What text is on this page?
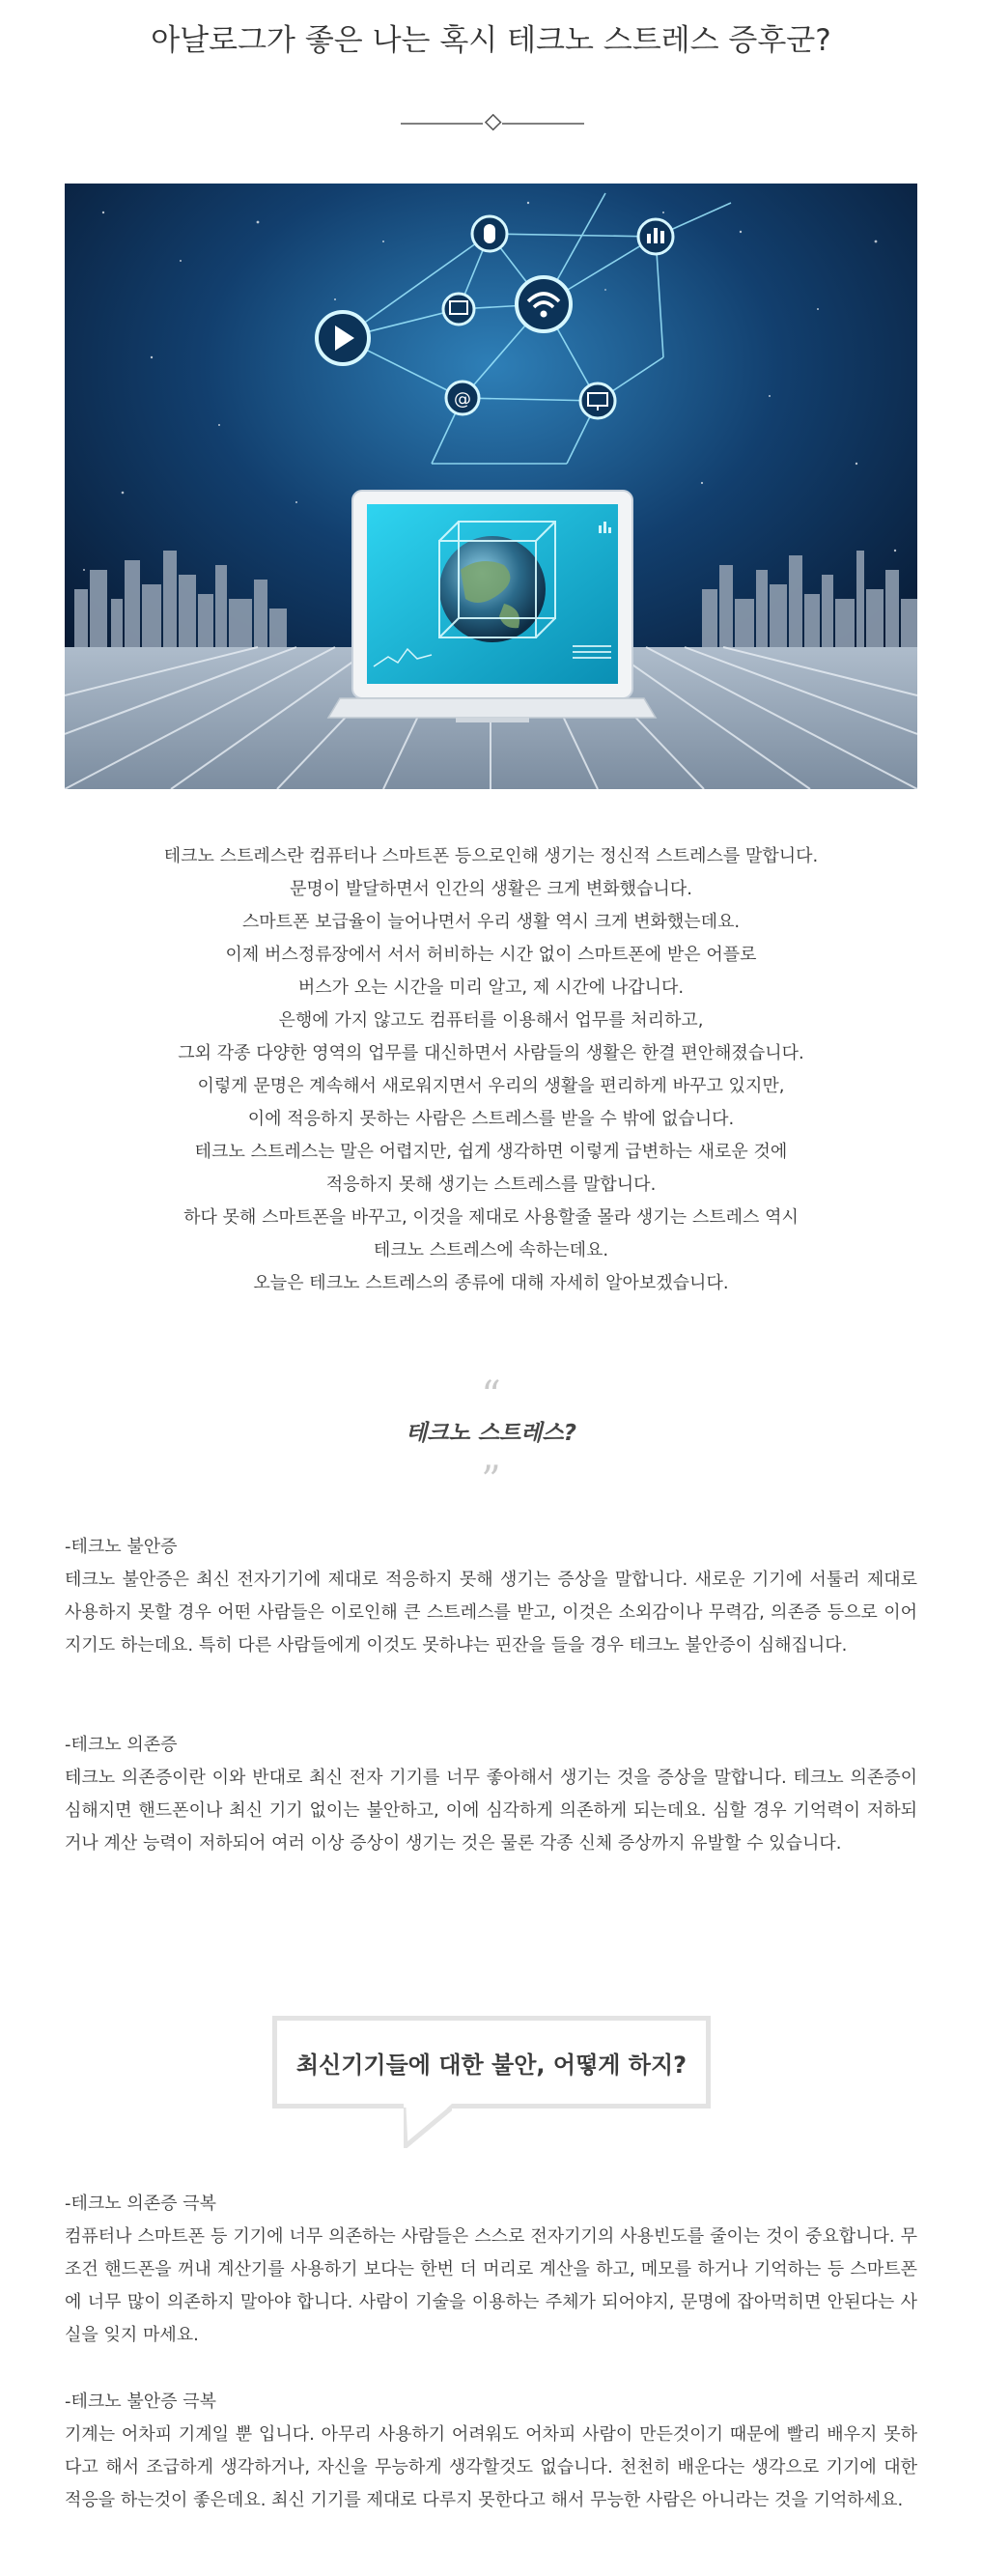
아날로그가 좋은 나는 혹시 테크노 스트레스 증후군?
@

테크노 스트레스란 컴퓨터나 스마트폰 등으로인해 생기는 정신적 스트레스를 말합니다.

문명이 발달하면서 인간의 생활은 크게 변화했습니다.

스마트폰 보급율이 늘어나면서 우리 생활 역시 크게 변화했는데요.

이제 버스정류장에서 서서 허비하는 시간 없이 스마트폰에 받은 어플로

버스가 오는 시간을 미리 알고, 제 시간에 나갑니다.

은행에 가지 않고도 컴퓨터를 이용해서 업무를 처리하고,

그외 각종 다양한 영역의 업무를 대신하면서 사람들의 생활은 한결 편안해졌습니다.

이렇게 문명은 계속해서 새로워지면서 우리의 생활을 편리하게 바꾸고 있지만,

이에 적응하지 못하는 사람은 스트레스를 받을 수 밖에 없습니다.

테크노 스트레스는 말은 어렵지만, 쉽게 생각하면 이렇게 급변하는 새로운 것에

적응하지 못해 생기는 스트레스를 말합니다.

하다 못해 스마트폰을 바꾸고, 이것을 제대로 사용할줄 몰라 생기는 스트레스 역시

테크노 스트레스에 속하는데요.

오늘은 테크노 스트레스의 종류에 대해 자세히 알아보겠습니다.

“
테크노 스트레스?
”
-테크노 불안증

테크노 불안증은 최신 전자기기에 제대로 적응하지 못해 생기는 증상을 말합니다. 새로운 기기에 서툴러 제대로 사용하지 못할 경우 어떤 사람들은 이로인해 큰 스트레스를 받고, 이것은 소외감이나 무력감, 의존증 등으로 이어지기도 하는데요. 특히 다른 사람들에게 이것도 못하냐는 핀잔을 들을 경우 테크노 불안증이 심해집니다.

-테크노 의존증

테크노 의존증이란 이와 반대로 최신 전자 기기를 너무 좋아해서 생기는 것을 증상을 말합니다. 테크노 의존증이 심해지면 핸드폰이나 최신 기기 없이는 불안하고, 이에 심각하게 의존하게 되는데요. 심할 경우 기억력이 저하되거나 계산 능력이 저하되어 여러 이상 증상이 생기는 것은 물론 각종 신체 증상까지 유발할 수 있습니다.

최신기기들에 대한 불안, 어떻게 하지?
-테크노 의존증 극복

컴퓨터나 스마트폰 등 기기에 너무 의존하는 사람들은 스스로 전자기기의 사용빈도를 줄이는 것이 중요합니다. 무조건 핸드폰을 꺼내 계산기를 사용하기 보다는 한번 더 머리로 계산을 하고, 메모를 하거나 기억하는 등 스마트폰에 너무 많이 의존하지 말아야 합니다. 사람이 기술을 이용하는 주체가 되어야지, 문명에 잡아먹히면 안된다는 사실을 잊지 마세요.

-테크노 불안증 극복

기계는 어차피 기계일 뿐 입니다. 아무리 사용하기 어려워도 어차피 사람이 만든것이기 때문에 빨리 배우지 못하다고 해서 조급하게 생각하거나, 자신을 무능하게 생각할것도 없습니다. 천천히 배운다는 생각으로 기기에 대한 적응을 하는것이 좋은데요. 최신 기기를 제대로 다루지 못한다고 해서 무능한 사람은 아니라는 것을 기억하세요.
